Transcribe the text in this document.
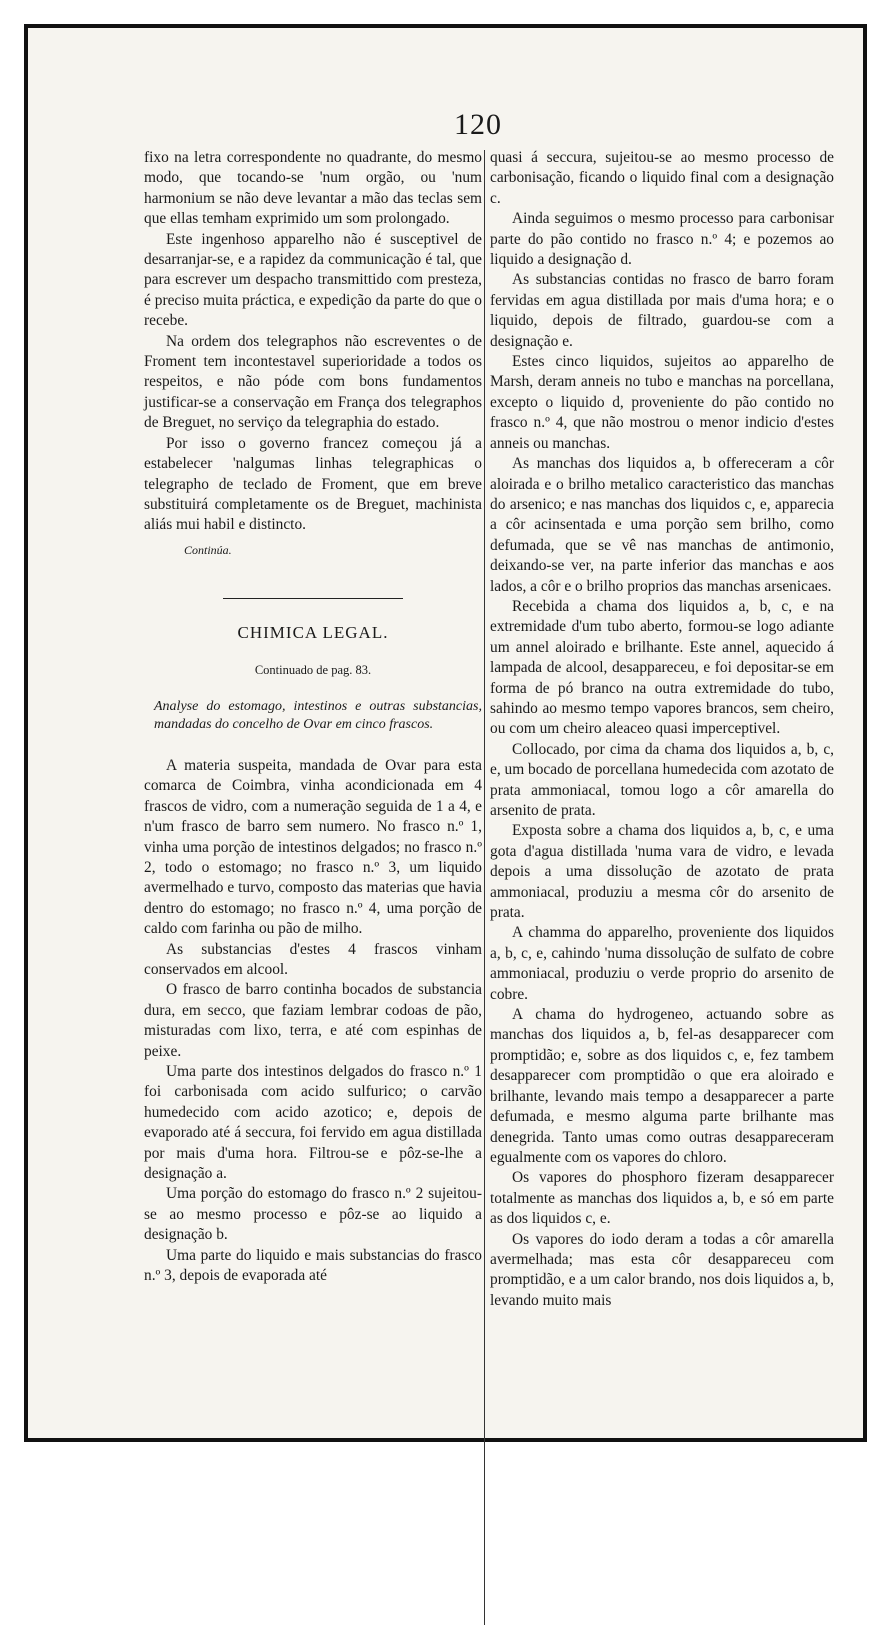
120

fixo na letra correspondente no quadrante, do mesmo modo, que tocando-se 'num orgão, ou 'num harmonium se não deve levantar a mão das teclas sem que ellas temham exprimido um som prolongado.

Este ingenhoso apparelho não é susceptivel de desarranjar-se, e a rapidez da communicação é tal, que para escrever um despacho transmittido com presteza, é preciso muita práctica, e expedição da parte do que o recebe.

Na ordem dos telegraphos não escreventes o de Froment tem incontestavel superioridade a todos os respeitos, e não póde com bons fundamentos justificar-se a conservação em França dos telegraphos de Breguet, no serviço da telegraphia do estado.

Por isso o governo francez começou já a estabelecer 'nalgumas linhas telegraphicas o telegrapho de teclado de Froment, que em breve substituirá completamente os de Breguet, machinista aliás mui habil e distincto.

Continúa.
CHIMICA LEGAL.
Continuado de pag. 83.

Analyse do estomago, intestinos e outras substancias, mandadas do concelho de Ovar em cinco frascos.

A materia suspeita, mandada de Ovar para esta comarca de Coimbra, vinha acondicionada em 4 frascos de vidro, com a numeração seguida de 1 a 4, e n'um frasco de barro sem numero. No frasco n.º 1, vinha uma porção de intestinos delgados; no frasco n.º 2, todo o estomago; no frasco n.º 3, um liquido avermelhado e turvo, composto das materias que havia dentro do estomago; no frasco n.º 4, uma porção de caldo com farinha ou pão de milho.

As substancias d'estes 4 frascos vinham conservados em alcool.

O frasco de barro continha bocados de substancia dura, em secco, que faziam lembrar codoas de pão, misturadas com lixo, terra, e até com espinhas de peixe.

Uma parte dos intestinos delgados do frasco n.º 1 foi carbonisada com acido sulfurico; o carvão humedecido com acido azotico; e, depois de evaporado até á seccura, foi fervido em agua distillada por mais d'uma hora. Filtrou-se e pôz-se-lhe a designação a.

Uma porção do estomago do frasco n.º 2 sujeitou-se ao mesmo processo e pôz-se ao liquido a designação b.

Uma parte do liquido e mais substancias do frasco n.º 3, depois de evaporada até

quasi á seccura, sujeitou-se ao mesmo processo de carbonisação, ficando o liquido final com a designação c.

Ainda seguimos o mesmo processo para carbonisar parte do pão contido no frasco n.º 4; e pozemos ao liquido a designação d.

As substancias contidas no frasco de barro foram fervidas em agua distillada por mais d'uma hora; e o liquido, depois de filtrado, guardou-se com a designação e.

Estes cinco liquidos, sujeitos ao apparelho de Marsh, deram anneis no tubo e manchas na porcellana, excepto o liquido d, proveniente do pão contido no frasco n.º 4, que não mostrou o menor indicio d'estes anneis ou manchas.

As manchas dos liquidos a, b offereceram a côr aloirada e o brilho metalico caracteristico das manchas do arsenico; e nas manchas dos liquidos c, e, apparecia a côr acinsentada e uma porção sem brilho, como defumada, que se vê nas manchas de antimonio, deixando-se ver, na parte inferior das manchas e aos lados, a côr e o brilho proprios das manchas arsenicaes.

Recebida a chama dos liquidos a, b, c, e na extremidade d'um tubo aberto, formou-se logo adiante um annel aloirado e brilhante. Este annel, aquecido á lampada de alcool, desappareceu, e foi depositar-se em forma de pó branco na outra extremidade do tubo, sahindo ao mesmo tempo vapores brancos, sem cheiro, ou com um cheiro aleaceo quasi imperceptivel.

Collocado, por cima da chama dos liquidos a, b, c, e, um bocado de porcellana humedecida com azotato de prata ammoniacal, tomou logo a côr amarella do arsenito de prata.

Exposta sobre a chama dos liquidos a, b, c, e uma gota d'agua distillada 'numa vara de vidro, e levada depois a uma dissolução de azotato de prata ammoniacal, produziu a mesma côr do arsenito de prata.

A chamma do apparelho, proveniente dos liquidos a, b, c, e, cahindo 'numa dissolução de sulfato de cobre ammoniacal, produziu o verde proprio do arsenito de cobre.

A chama do hydrogeneo, actuando sobre as manchas dos liquidos a, b, fel-as desapparecer com promptidão; e, sobre as dos liquidos c, e, fez tambem desapparecer com promptidão o que era aloirado e brilhante, levando mais tempo a desapparecer a parte defumada, e mesmo alguma parte brilhante mas denegrida. Tanto umas como outras desappareceram egualmente com os vapores do chloro.

Os vapores do phosphoro fizeram desapparecer totalmente as manchas dos liquidos a, b, e só em parte as dos liquidos c, e.

Os vapores do iodo deram a todas a côr amarella avermelhada; mas esta côr desappareceu com promptidão, e a um calor brando, nos dois liquidos a, b, levando muito mais
